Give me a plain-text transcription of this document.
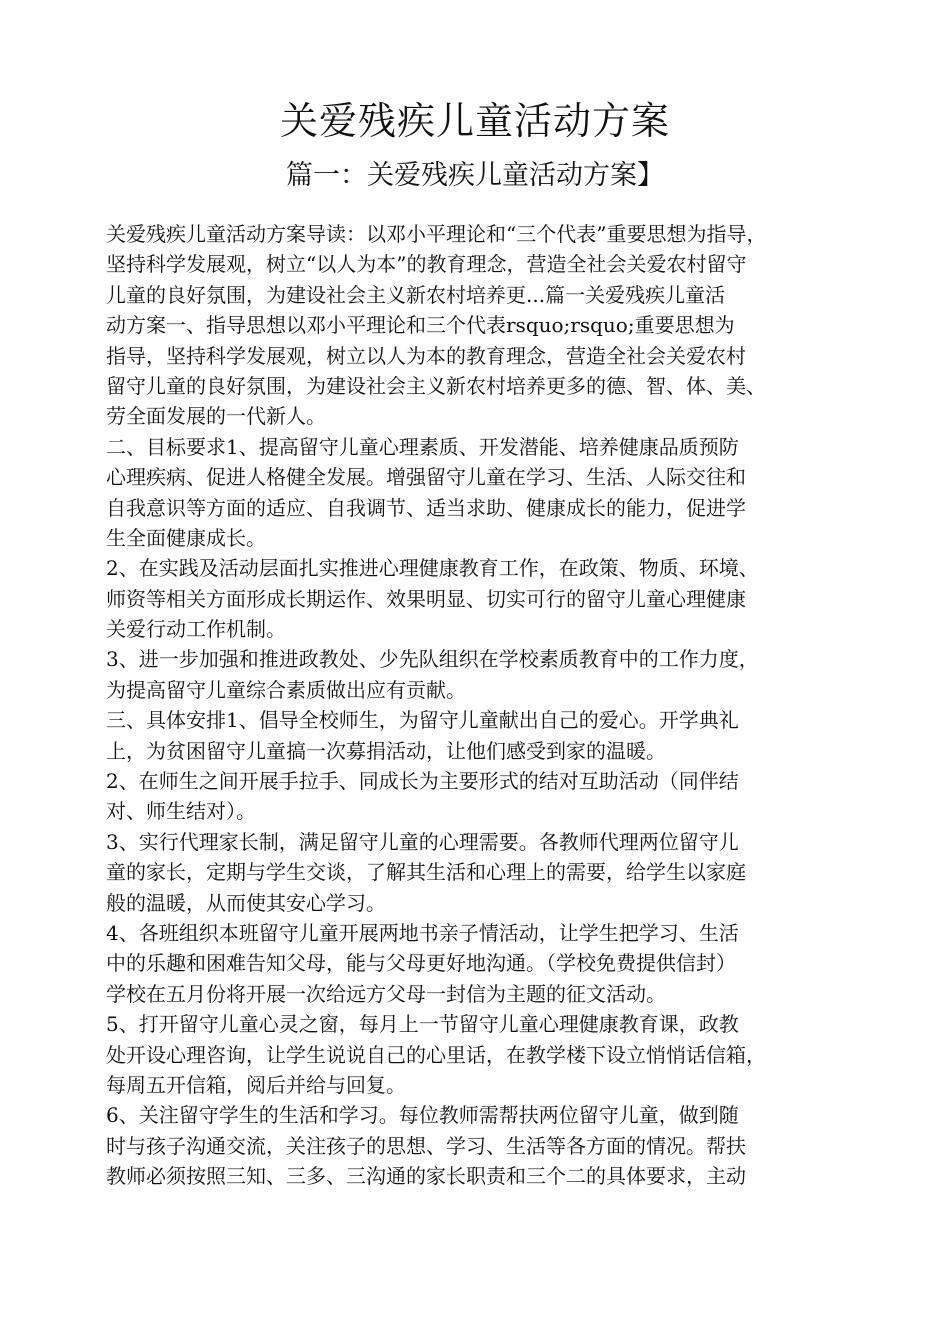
关爱残疾儿童活动方案
篇一：关爱残疾儿童活动方案】
关爱残疾儿童活动方案导读：以邓小平理论和“三个代表”重要思想为指导，
坚持科学发展观，树立“以人为本”的教育理念，营造全社会关爱农村留守
儿童的良好氛围，为建设社会主义新农村培养更...篇一关爱残疾儿童活
动方案一、指导思想以邓小平理论和三个代表rsquo;rsquo;重要思想为
指导，坚持科学发展观，树立以人为本的教育理念，营造全社会关爱农村
留守儿童的良好氛围，为建设社会主义新农村培养更多的德、智、体、美、
劳全面发展的一代新人。
二、目标要求1、提高留守儿童心理素质、开发潜能、培养健康品质预防
心理疾病、促进人格健全发展。增强留守儿童在学习、生活、人际交往和
自我意识等方面的适应、自我调节、适当求助、健康成长的能力，促进学
生全面健康成长。
2、在实践及活动层面扎实推进心理健康教育工作，在政策、物质、环境、
师资等相关方面形成长期运作、效果明显、切实可行的留守儿童心理健康
关爱行动工作机制。
3、进一步加强和推进政教处、少先队组织在学校素质教育中的工作力度，
为提高留守儿童综合素质做出应有贡献。
三、具体安排1、倡导全校师生，为留守儿童献出自己的爱心。开学典礼
上，为贫困留守儿童搞一次募捐活动，让他们感受到家的温暖。
2、在师生之间开展手拉手、同成长为主要形式的结对互助活动（同伴结
对、师生结对）。
3、实行代理家长制，满足留守儿童的心理需要。各教师代理两位留守儿
童的家长，定期与学生交谈，了解其生活和心理上的需要，给学生以家庭
般的温暖，从而使其安心学习。
4、各班组织本班留守儿童开展两地书亲子情活动，让学生把学习、生活
中的乐趣和困难告知父母，能与父母更好地沟通。（学校免费提供信封）
学校在五月份将开展一次给远方父母一封信为主题的征文活动。
5、打开留守儿童心灵之窗，每月上一节留守儿童心理健康教育课，政教
处开设心理咨询，让学生说说自己的心里话，在教学楼下设立悄悄话信箱，
每周五开信箱，阅后并给与回复。
6、关注留守学生的生活和学习。每位教师需帮扶两位留守儿童，做到随
时与孩子沟通交流，关注孩子的思想、学习、生活等各方面的情况。帮扶
教师必须按照三知、三多、三沟通的家长职责和三个二的具体要求，主动
